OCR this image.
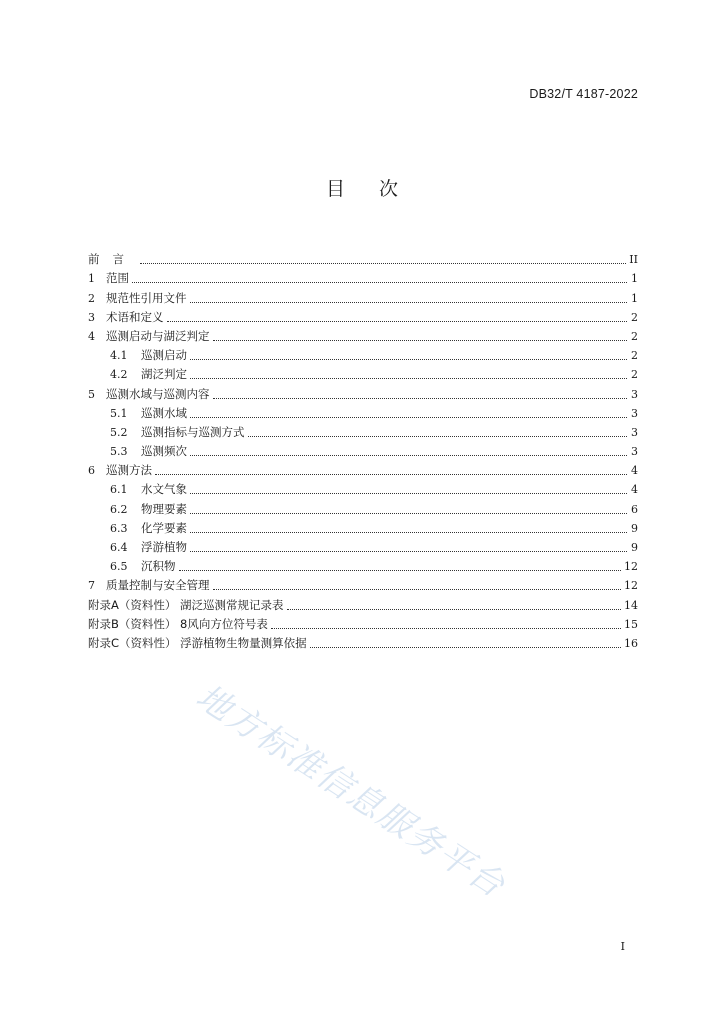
DB32/T 4187-2022
目 次
前言	II
1 范围	1
2 规范性引用文件	1
3 术语和定义	2
4 巡测启动与湖泛判定	2
4.1	巡测启动	2
4.2	湖泛判定	2
5 巡测水域与巡测内容	3
5.1	巡测水域	3
5.2	巡测指标与巡测方式	3
5.3	巡测频次	3
6 巡测方法	4
6.1	水文气象	4
6.2	物理要素	6
6.3	化学要素	9
6.4	浮游植物	9
6.5	沉积物	12
7 质量控制与安全管理	12
附录A（资料性） 湖泛巡测常规记录表	14
附录B（资料性） 8风向方位符号表	15
附录C（资料性） 浮游植物生物量测算依据	16
I
地方标准信息服务平台
